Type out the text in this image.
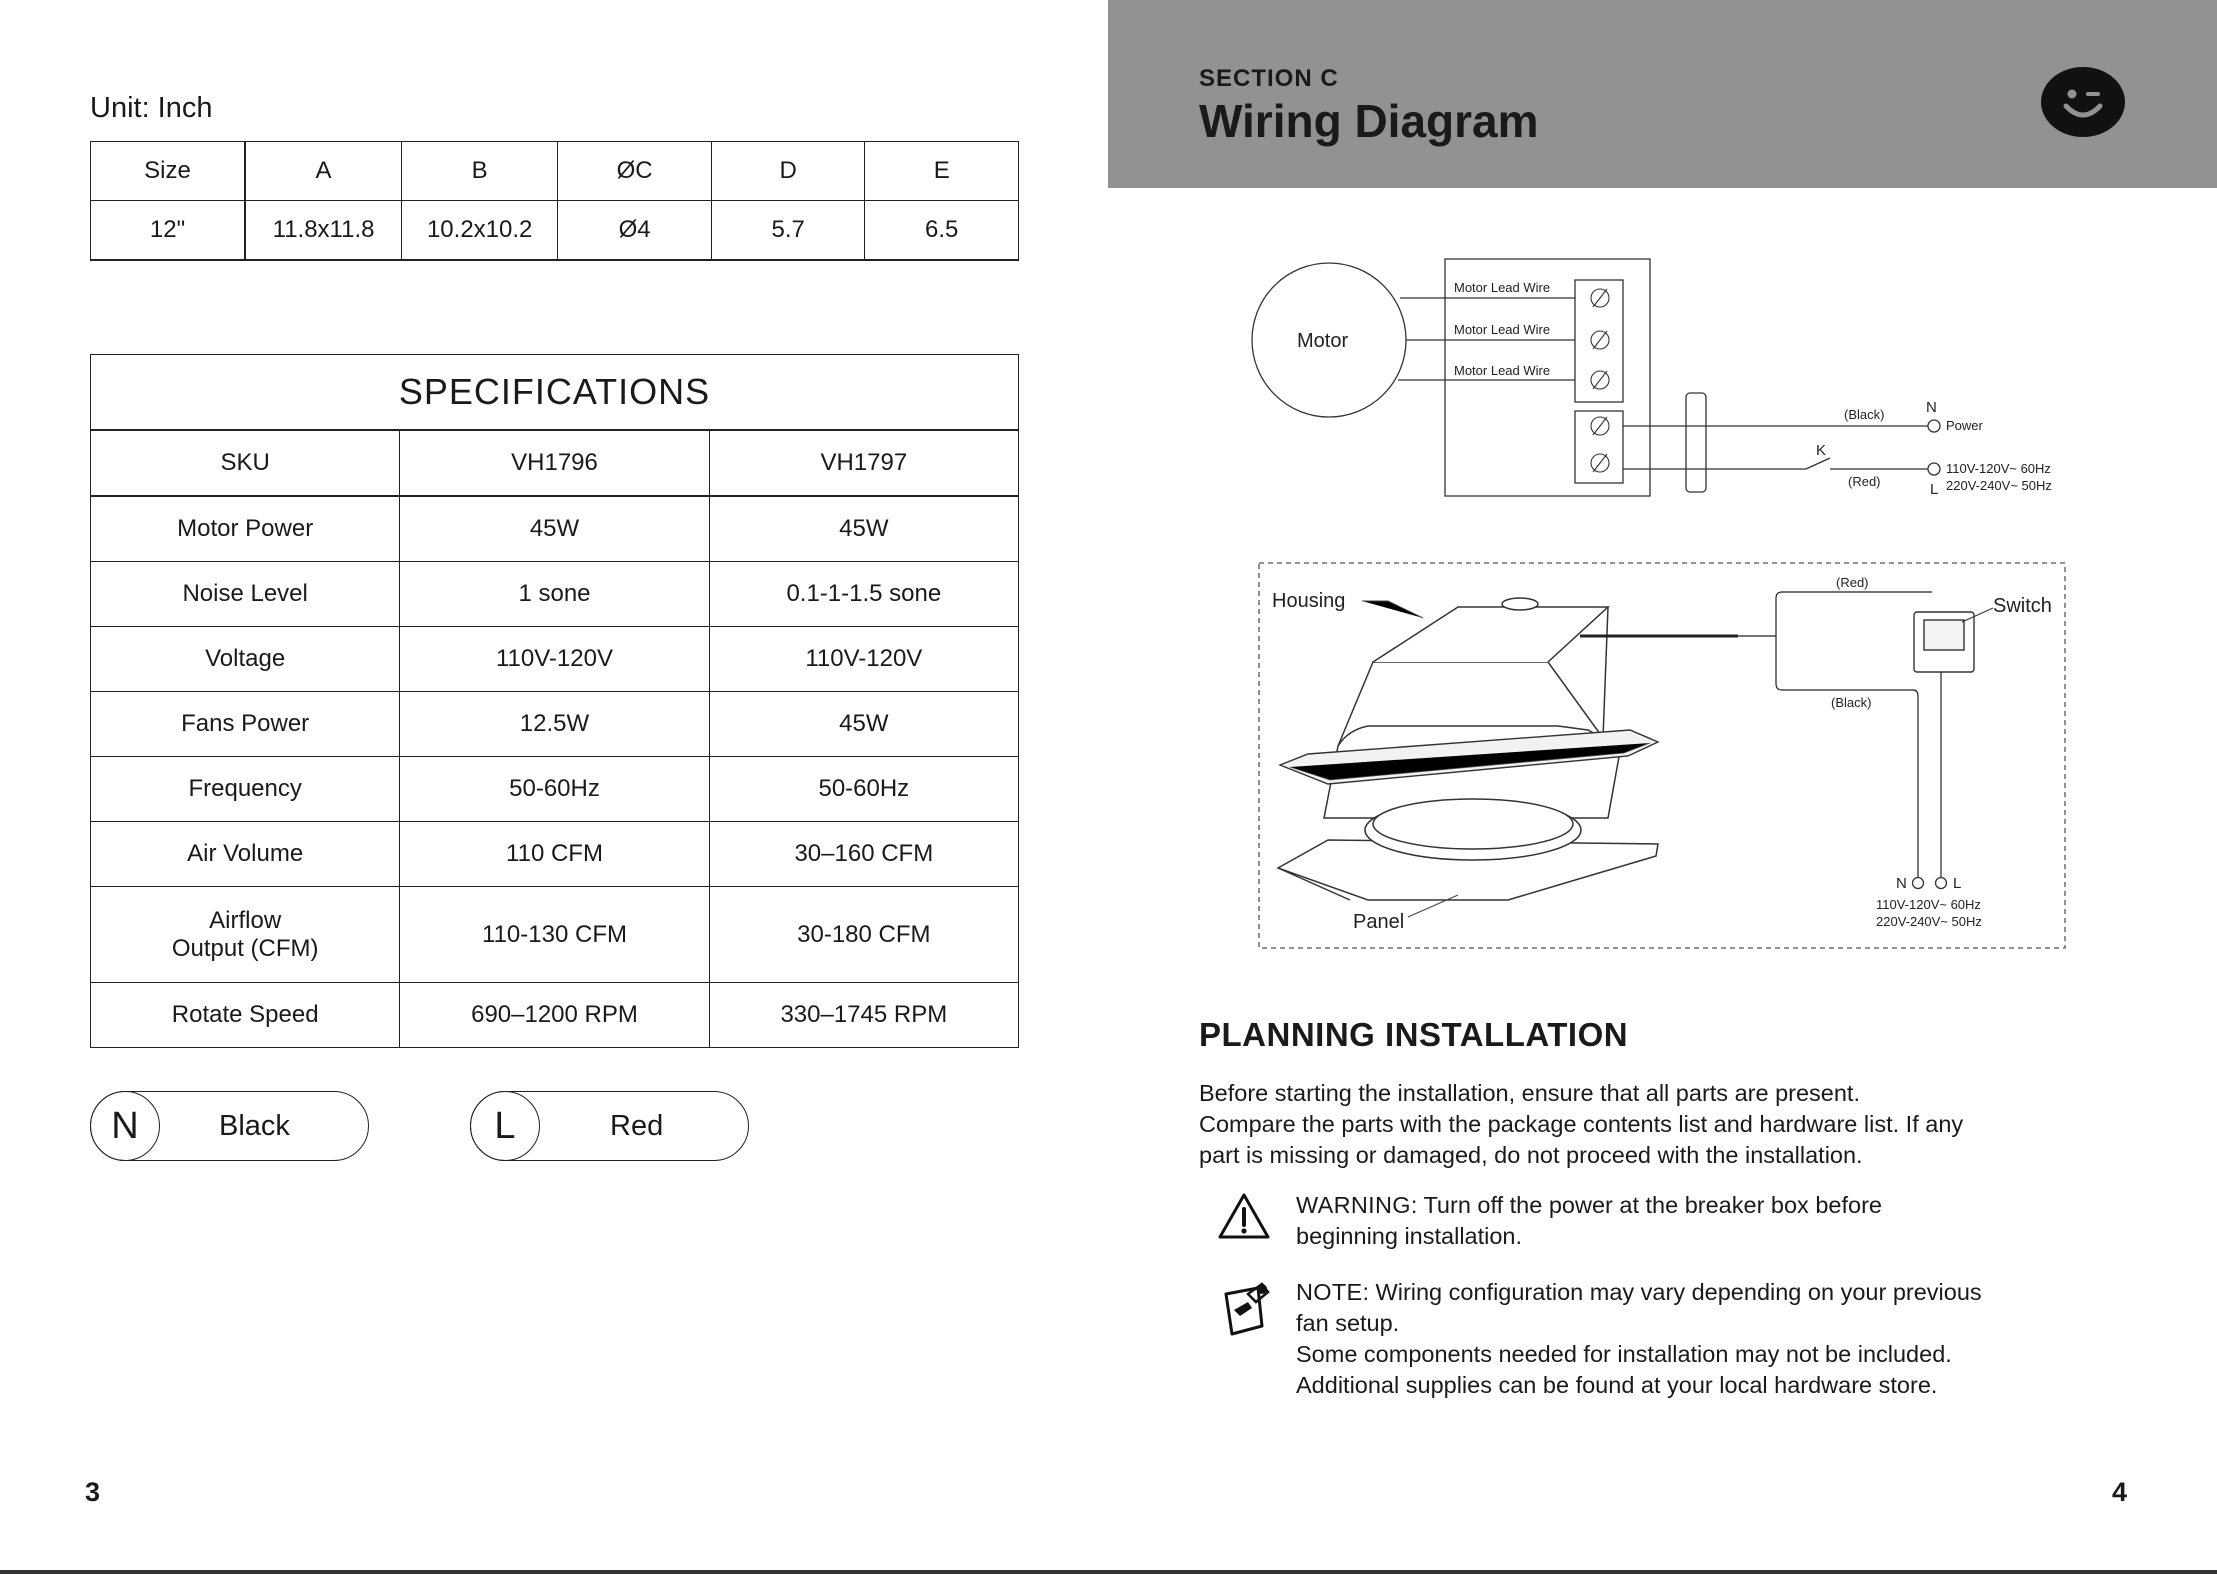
Unit: Inch
Size	A	B	ØC	D	E
12"	11.8x11.8	10.2x10.2	Ø4	5.7	6.5
SPECIFICATIONS		
SKU	VH1796	VH1797
Motor Power	45W	45W
Noise Level	1 sone	0.1-1-1.5 sone
Voltage	110V-120V	110V-120V
Fans Power	12.5W	45W
Frequency	50-60Hz	50-60Hz
Air Volume	110 CFM	30–160 CFM
Airflow
Output (CFM)	110-130 CFM	30-180 CFM
Rotate Speed	690–1200 RPM	330–1745 RPM
N	Black	L	Red
3
SECTION C
Wiring Diagram
Motor
Motor Lead Wire
Motor Lead Wire
Motor Lead Wire
(Black)
(Red)
N
Power
K
L
110V-120V~ 60Hz
220V-240V~ 50Hz
Housing
Panel
Switch
(Red)
(Black)
N	L
110V-120V~ 60Hz
220V-240V~ 50Hz
PLANNING INSTALLATION
Before starting the installation, ensure that all parts are present.
Compare the parts with the package contents list and hardware list. If any
part is missing or damaged, do not proceed with the installation.
WARNING: Turn off the power at the breaker box before
beginning installation.
NOTE: Wiring configuration may vary depending on your previous
fan setup.
Some components needed for installation may not be included.
Additional supplies can be found at your local hardware store.
4
